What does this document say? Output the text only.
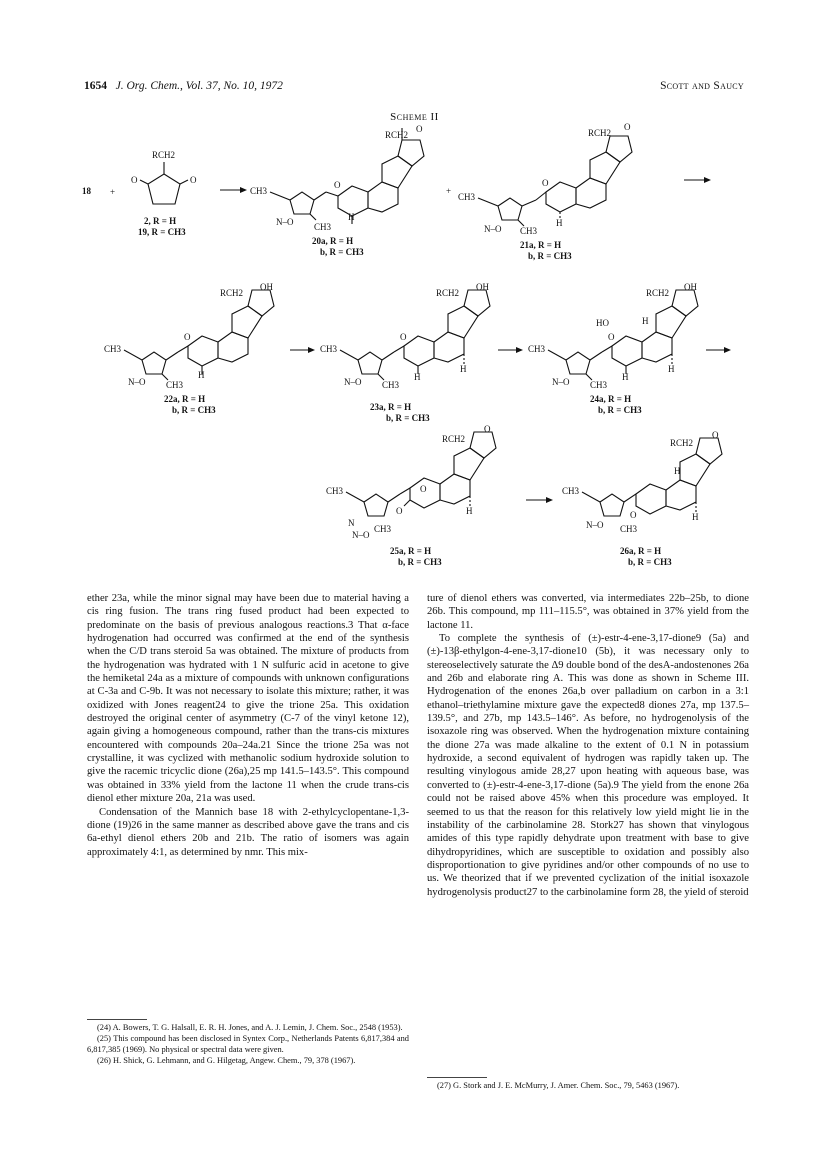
1654 J. Org. Chem., Vol. 37, No. 10, 1972	Scott and Saucy
Scheme II
18 +
RCH2
O	O
2, R = H
19, R = CH3
CH3
N–O CH3
O
RCH2
O
H
20a, R = H
b, R = CH3
+
CH3
N–O CH3
O
RCH2
O
H
21a, R = H
b, R = CH3
CH3
N–O CH3
O
RCH2
OH
H
22a, R = H
b, R = CH3
CH3
N–O CH3
O
RCH2
OH
H
H
23a, R = H
b, R = CH3
CH3
N–O CH3
O
HO
RCH2
OH
H
H
H
24a, R = H
b, R = CH3
CH3
N
N–O
CH3
O
O
RCH2
O
H
25a, R = H
b, R = CH3
CH3
N–O CH3
O
RCH2
O
H
H
26a, R = H
b, R = CH3

ether 23a, while the minor signal may have been due to material having a cis ring fusion. The trans ring fused product had been expected to predominate on the basis of previous analogous reactions.3 That α-face hydrogenation had occurred was confirmed at the end of the synthesis when the C/D trans steroid 5a was obtained. The mixture of products from the hydrogenation was hydrated with 1 N sulfuric acid in acetone to give the hemiketal 24a as a mixture of compounds with unknown configurations at C-3a and C-9b. It was not necessary to isolate this mixture; rather, it was oxidized with Jones reagent24 to give the trione 25a. This oxidation destroyed the original center of asymmetry (C-7 of the vinyl ketone 12), again giving a homogeneous compound, rather than the trans-cis mixtures encountered with compounds 20a–24a.21 Since the trione 25a was not crystalline, it was cyclized with methanolic sodium hydroxide solution to give the racemic tricyclic dione (26a),25 mp 141.5–143.5°. This compound was obtained in 33% yield from the lactone 11 when the crude trans-cis dienol ether mixture 20a, 21a was used.

Condensation of the Mannich base 18 with 2-ethylcyclopentane-1,3-dione (19)26 in the same manner as described above gave the trans and cis 6a-ethyl dienol ethers 20b and 21b. The ratio of isomers was again approximately 4:1, as determined by nmr. This mix-

ture of dienol ethers was converted, via intermediates 22b–25b, to dione 26b. This compound, mp 111–115.5°, was obtained in 37% yield from the lactone 11.

To complete the synthesis of (±)-estr-4-ene-3,17-dione9 (5a) and (±)-13β-ethylgon-4-ene-3,17-dione10 (5b), it was necessary only to stereoselectively saturate the Δ9 double bond of the desA-andostenones 26a and 26b and elaborate ring A. This was done as shown in Scheme III. Hydrogenation of the enones 26a,b over palladium on carbon in a 3:1 ethanol–triethylamine mixture gave the expected8 diones 27a, mp 137.5–139.5°, and 27b, mp 143.5–146°. As before, no hydrogenolysis of the isoxazole ring was observed. When the hydrogenation mixture containing the dione 27a was made alkaline to the extent of 0.1 N in potassium hydroxide, a second equivalent of hydrogen was rapidly taken up. The resulting vinylogous amide 28,27 upon heating with aqueous base, was converted to (±)-estr-4-ene-3,17-dione (5a).9 The yield from the enone 26a could not be raised above 45% when this procedure was employed. It seemed to us that the reason for this relatively low yield might lie in the instability of the carbinolamine 28. Stork27 has shown that vinylogous amides of this type rapidly dehydrate upon treatment with base to give dihydropyridines, which are susceptible to oxidation and possibly also disproportionation to give pyridines and/or other compounds of no use to us. We theorized that if we prevented cyclization of the initial isoxazole hydrogenolysis product27 to the carbinolamine form 28, the yield of steroid

(24) A. Bowers, T. G. Halsall, E. R. H. Jones, and A. J. Lemin, J. Chem. Soc., 2548 (1953).

(25) This compound has been disclosed in Syntex Corp., Netherlands Patents 6,817,384 and 6,817,385 (1969). No physical or spectral data were given.

(26) H. Shick, G. Lehmann, and G. Hilgetag, Angew. Chem., 79, 378 (1967).

(27) G. Stork and J. E. McMurry, J. Amer. Chem. Soc., 79, 5463 (1967).
